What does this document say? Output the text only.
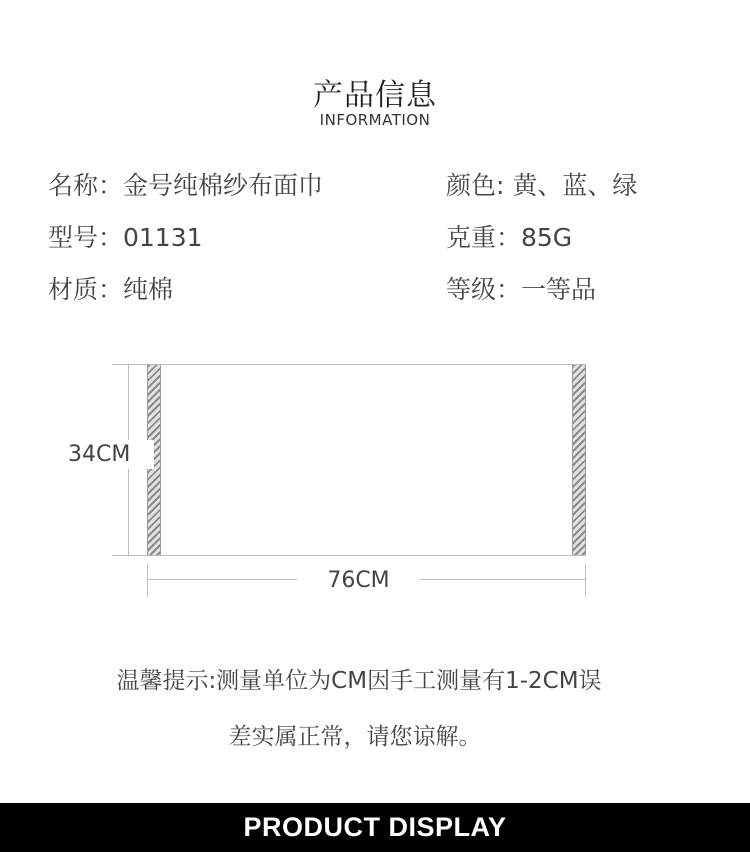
产品信息
INFORMATION
名称：金号纯棉纱布面巾	颜色: 黄、蓝、绿
型号：01131	克重：85G
材质：纯棉	等级：一等品
34CM
76CM
温馨提示:测量单位为CM因手工测量有1-2CM误
差实属正常，请您谅解。
PRODUCT DISPLAY
